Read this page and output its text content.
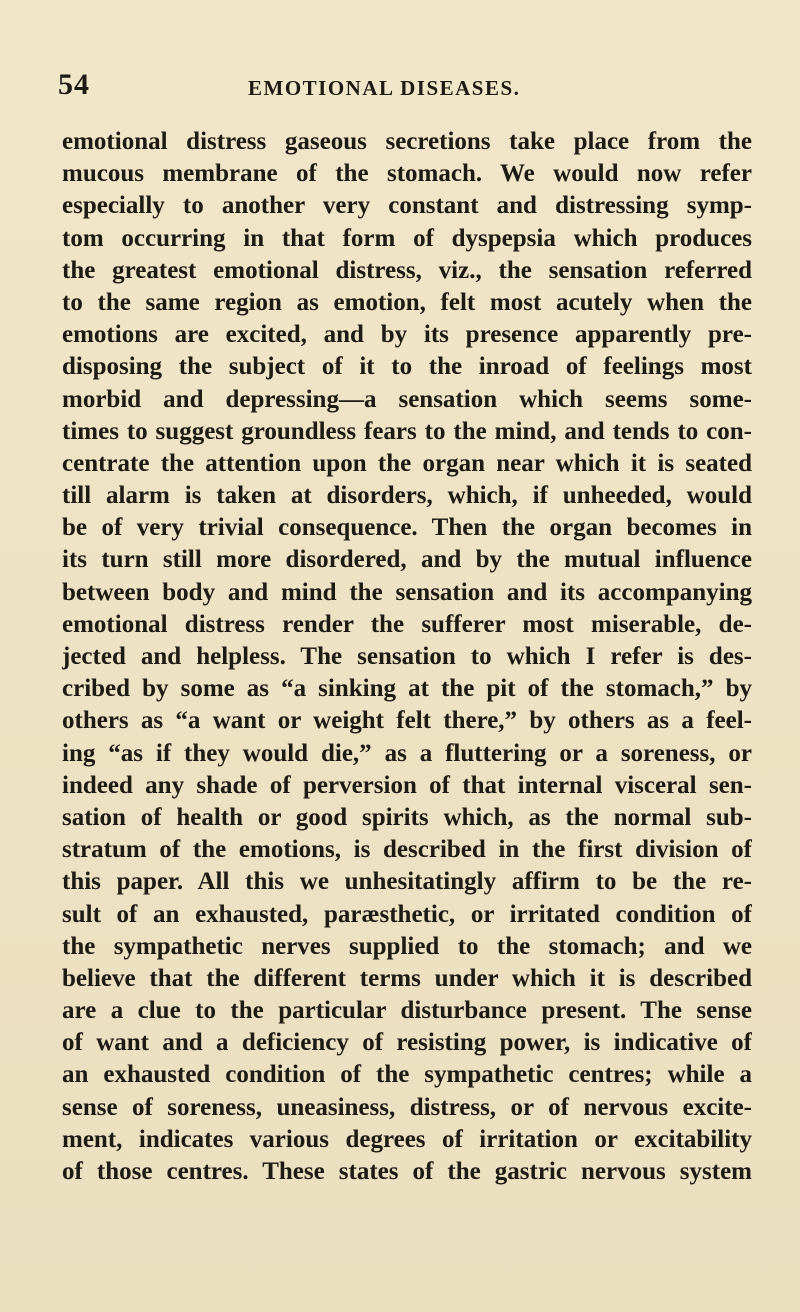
54	EMOTIONAL DISEASES.
emotional distress gaseous secretions take place from the
mucous membrane of the stomach. We would now refer
especially to another very constant and distressing symp-
tom occurring in that form of dyspepsia which produces
the greatest emotional distress, viz., the sensation referred
to the same region as emotion, felt most acutely when the
emotions are excited, and by its presence apparently pre-
disposing the subject of it to the inroad of feelings most
morbid and depressing—a sensation which seems some-
times to suggest groundless fears to the mind, and tends to con-
centrate the attention upon the organ near which it is seated
till alarm is taken at disorders, which, if unheeded, would
be of very trivial consequence. Then the organ becomes in
its turn still more disordered, and by the mutual influence
between body and mind the sensation and its accompanying
emotional distress render the sufferer most miserable, de-
jected and helpless. The sensation to which I refer is des-
cribed by some as “a sinking at the pit of the stomach,” by
others as “a want or weight felt there,” by others as a feel-
ing “as if they would die,” as a fluttering or a soreness, or
indeed any shade of perversion of that internal visceral sen-
sation of health or good spirits which, as the normal sub-
stratum of the emotions, is described in the first division of
this paper. All this we unhesitatingly affirm to be the re-
sult of an exhausted, paræsthetic, or irritated condition of
the sympathetic nerves supplied to the stomach; and we
believe that the different terms under which it is described
are a clue to the particular disturbance present. The sense
of want and a deficiency of resisting power, is indicative of
an exhausted condition of the sympathetic centres; while a
sense of soreness, uneasiness, distress, or of nervous excite-
ment, indicates various degrees of irritation or excitability
of those centres. These states of the gastric nervous system
